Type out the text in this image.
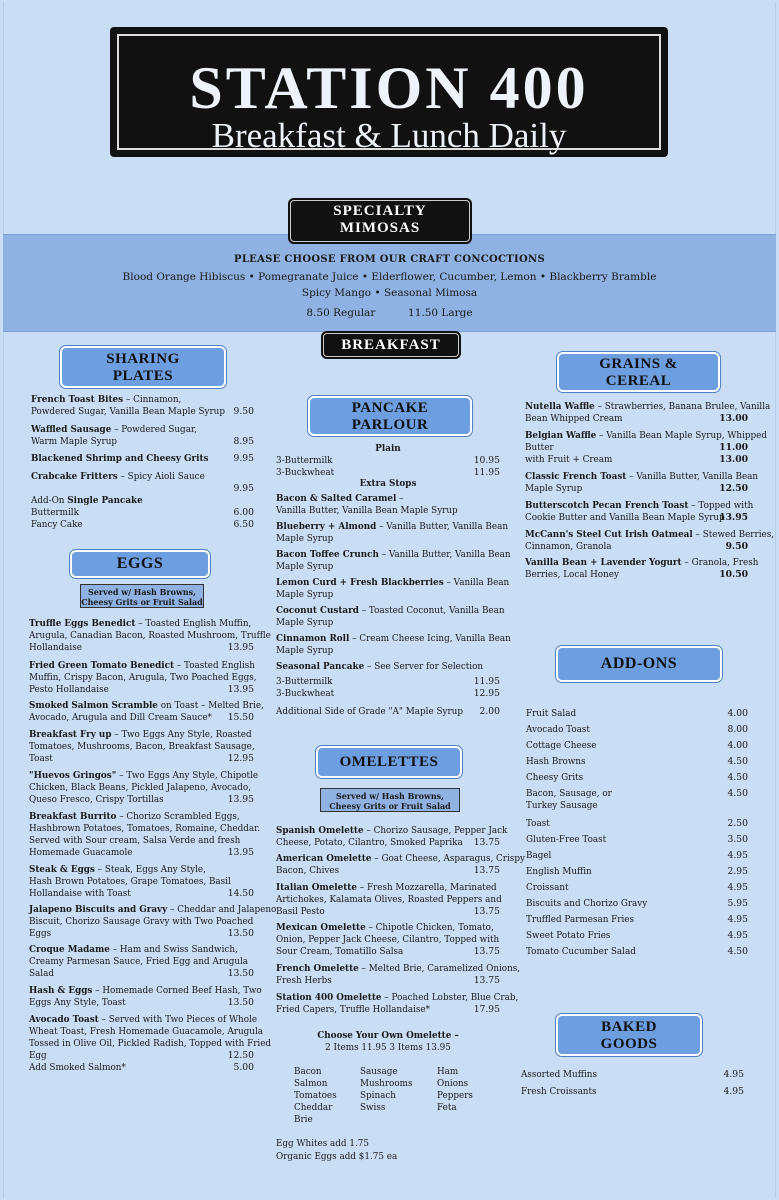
STATION 400
Breakfast & Lunch Daily
PLEASE CHOOSE FROM OUR CRAFT CONCOCTIONS
Blood Orange Hibiscus • Pomegranate Juice • Elderflower, Cucumber, Lemon • Blackberry Bramble
Spicy Mango • Seasonal Mimosa
8.50 Regular	11.50 Large
SPECIALTY
MIMOSAS
BREAKFAST
SHARING
PLATES
French Toast Bites – Cinnamon,
Powdered Sugar, Vanilla Bean Maple Syrup 9.50
Waffled Sausage – Powdered Sugar,
Warm Maple Syrup	8.95
Blackened Shrimp and Cheesy Grits	9.95
Crabcake Fritters – Spicy Aioli Sauce
9.95
Add-On Single Pancake
Buttermilk	6.00
Fancy Cake	6.50
EGGS
Served w/ Hash Browns,
Cheesy Grits or Fruit Salad
Truffle Eggs Benedict – Toasted English Muffin,
Arugula, Canadian Bacon, Roasted Mushroom, Truffle
Hollandaise	13.95
Fried Green Tomato Benedict – Toasted English
Muffin, Crispy Bacon, Arugula, Two Poached Eggs,
Pesto Hollandaise	13.95
Smoked Salmon Scramble on Toast – Melted Brie,
Avocado, Arugula and Dill Cream Sauce*	15.50
Breakfast Fry up – Two Eggs Any Style, Roasted
Tomatoes, Mushrooms, Bacon, Breakfast Sausage,
Toast	12.95
"Huevos Gringos" – Two Eggs Any Style, Chipotle
Chicken, Black Beans, Pickled Jalapeno, Avocado,
Queso Fresco, Crispy Tortillas	13.95
Breakfast Burrito – Chorizo Scrambled Eggs,
Hashbrown Potatoes, Tomatoes, Romaine, Cheddar.
Served with Sour cream, Salsa Verde and fresh
Homemade Guacamole	13.95
Steak & Eggs – Steak, Eggs Any Style,
Hash Brown Potatoes, Grape Tomatoes, Basil
Hollandaise with Toast	14.50
Jalapeno Biscuits and Gravy – Cheddar and Jalapeno
Biscuit, Chorizo Sausage Gravy with Two Poached
Eggs	13.50
Croque Madame – Ham and Swiss Sandwich,
Creamy Parmesan Sauce, Fried Egg and Arugula
Salad	13.50
Hash & Eggs – Homemade Corned Beef Hash, Two
Eggs Any Style, Toast	13.50
Avocado Toast – Served with Two Pieces of Whole
Wheat Toast, Fresh Homemade Guacamole, Arugula
Tossed in Olive Oil, Pickled Radish, Topped with Fried
Egg	12.50
Add Smoked Salmon*	5.00
PANCAKE
PARLOUR
Plain
3-Buttermilk	10.95
3-Buckwheat	11.95
Extra Stops
Bacon & Salted Caramel –
Vanilla Butter, Vanilla Bean Maple Syrup
Blueberry + Almond – Vanilla Butter, Vanilla Bean
Maple Syrup
Bacon Toffee Crunch – Vanilla Butter, Vanilla Bean
Maple Syrup
Lemon Curd + Fresh Blackberries – Vanilla Bean
Maple Syrup
Coconut Custard – Toasted Coconut, Vanilla Bean
Maple Syrup
Cinnamon Roll – Cream Cheese Icing, Vanilla Bean
Maple Syrup
Seasonal Pancake – See Server for Selection
3-Buttermilk	11.95
3-Buckwheat	12.95
Additional Side of Grade "A" Maple Syrup	2.00
OMELETTES
Served w/ Hash Browns,
Cheesy Grits or Fruit Salad
Spanish Omelette – Chorizo Sausage, Pepper Jack
Cheese, Potato, Cilantro, Smoked Paprika	13.75
American Omelette – Goat Cheese, Asparagus, Crispy
Bacon, Chives	13.75
Italian Omelette – Fresh Mozzarella, Marinated
Artichokes, Kalamata Olives, Roasted Peppers and
Basil Pesto	13.75
Mexican Omelette – Chipotle Chicken, Tomato,
Onion, Pepper Jack Cheese, Cilantro, Topped with
Sour Cream, Tomatillo Salsa	13.75
French Omelette – Melted Brie, Caramelized Onions,
Fresh Herbs	13.75
Station 400 Omelette – Poached Lobster, Blue Crab,
Fried Capers, Truffle Hollandaise*	17.95
Choose Your Own Omelette –
2 Items 11.95 3 Items 13.95
Bacon
Salmon
Tomatoes
Cheddar
Brie
Sausage
Mushrooms
Spinach
Swiss
Ham
Onions
Peppers
Feta
Egg Whites add 1.75
Organic Eggs add $1.75 ea
GRAINS &
CEREAL
Nutella Waffle – Strawberries, Banana Brulee, Vanilla
Bean Whipped Cream	13.00
Belgian Waffle – Vanilla Bean Maple Syrup, Whipped
Butter	11.00
with Fruit + Cream	13.00
Classic French Toast – Vanilla Butter, Vanilla Bean
Maple Syrup	12.50
Butterscotch Pecan French Toast – Topped with
Cookie Butter and Vanilla Bean Maple Syrup
13.95
McCann's Steel Cut Irish Oatmeal – Stewed Berries,
Cinnamon, Granola	9.50
Vanilla Bean + Lavender Yogurt – Granola, Fresh
Berries, Local Honey	10.50
ADD-ONS
Fruit Salad	4.00
Avocado Toast	8.00
Cottage Cheese	4.00
Hash Browns	4.50
Cheesy Grits	4.50
Bacon, Sausage, or	4.50
Turkey Sausage
Toast	2.50
Gluten-Free Toast	3.50
Bagel	4.95
English Muffin	2.95
Croissant	4.95
Biscuits and Chorizo Gravy	5.95
Truffled Parmesan Fries	4.95
Sweet Potato Fries	4.95
Tomato Cucumber Salad	4.50
BAKED
GOODS
Assorted Muffins	4.95
Fresh Croissants	4.95
